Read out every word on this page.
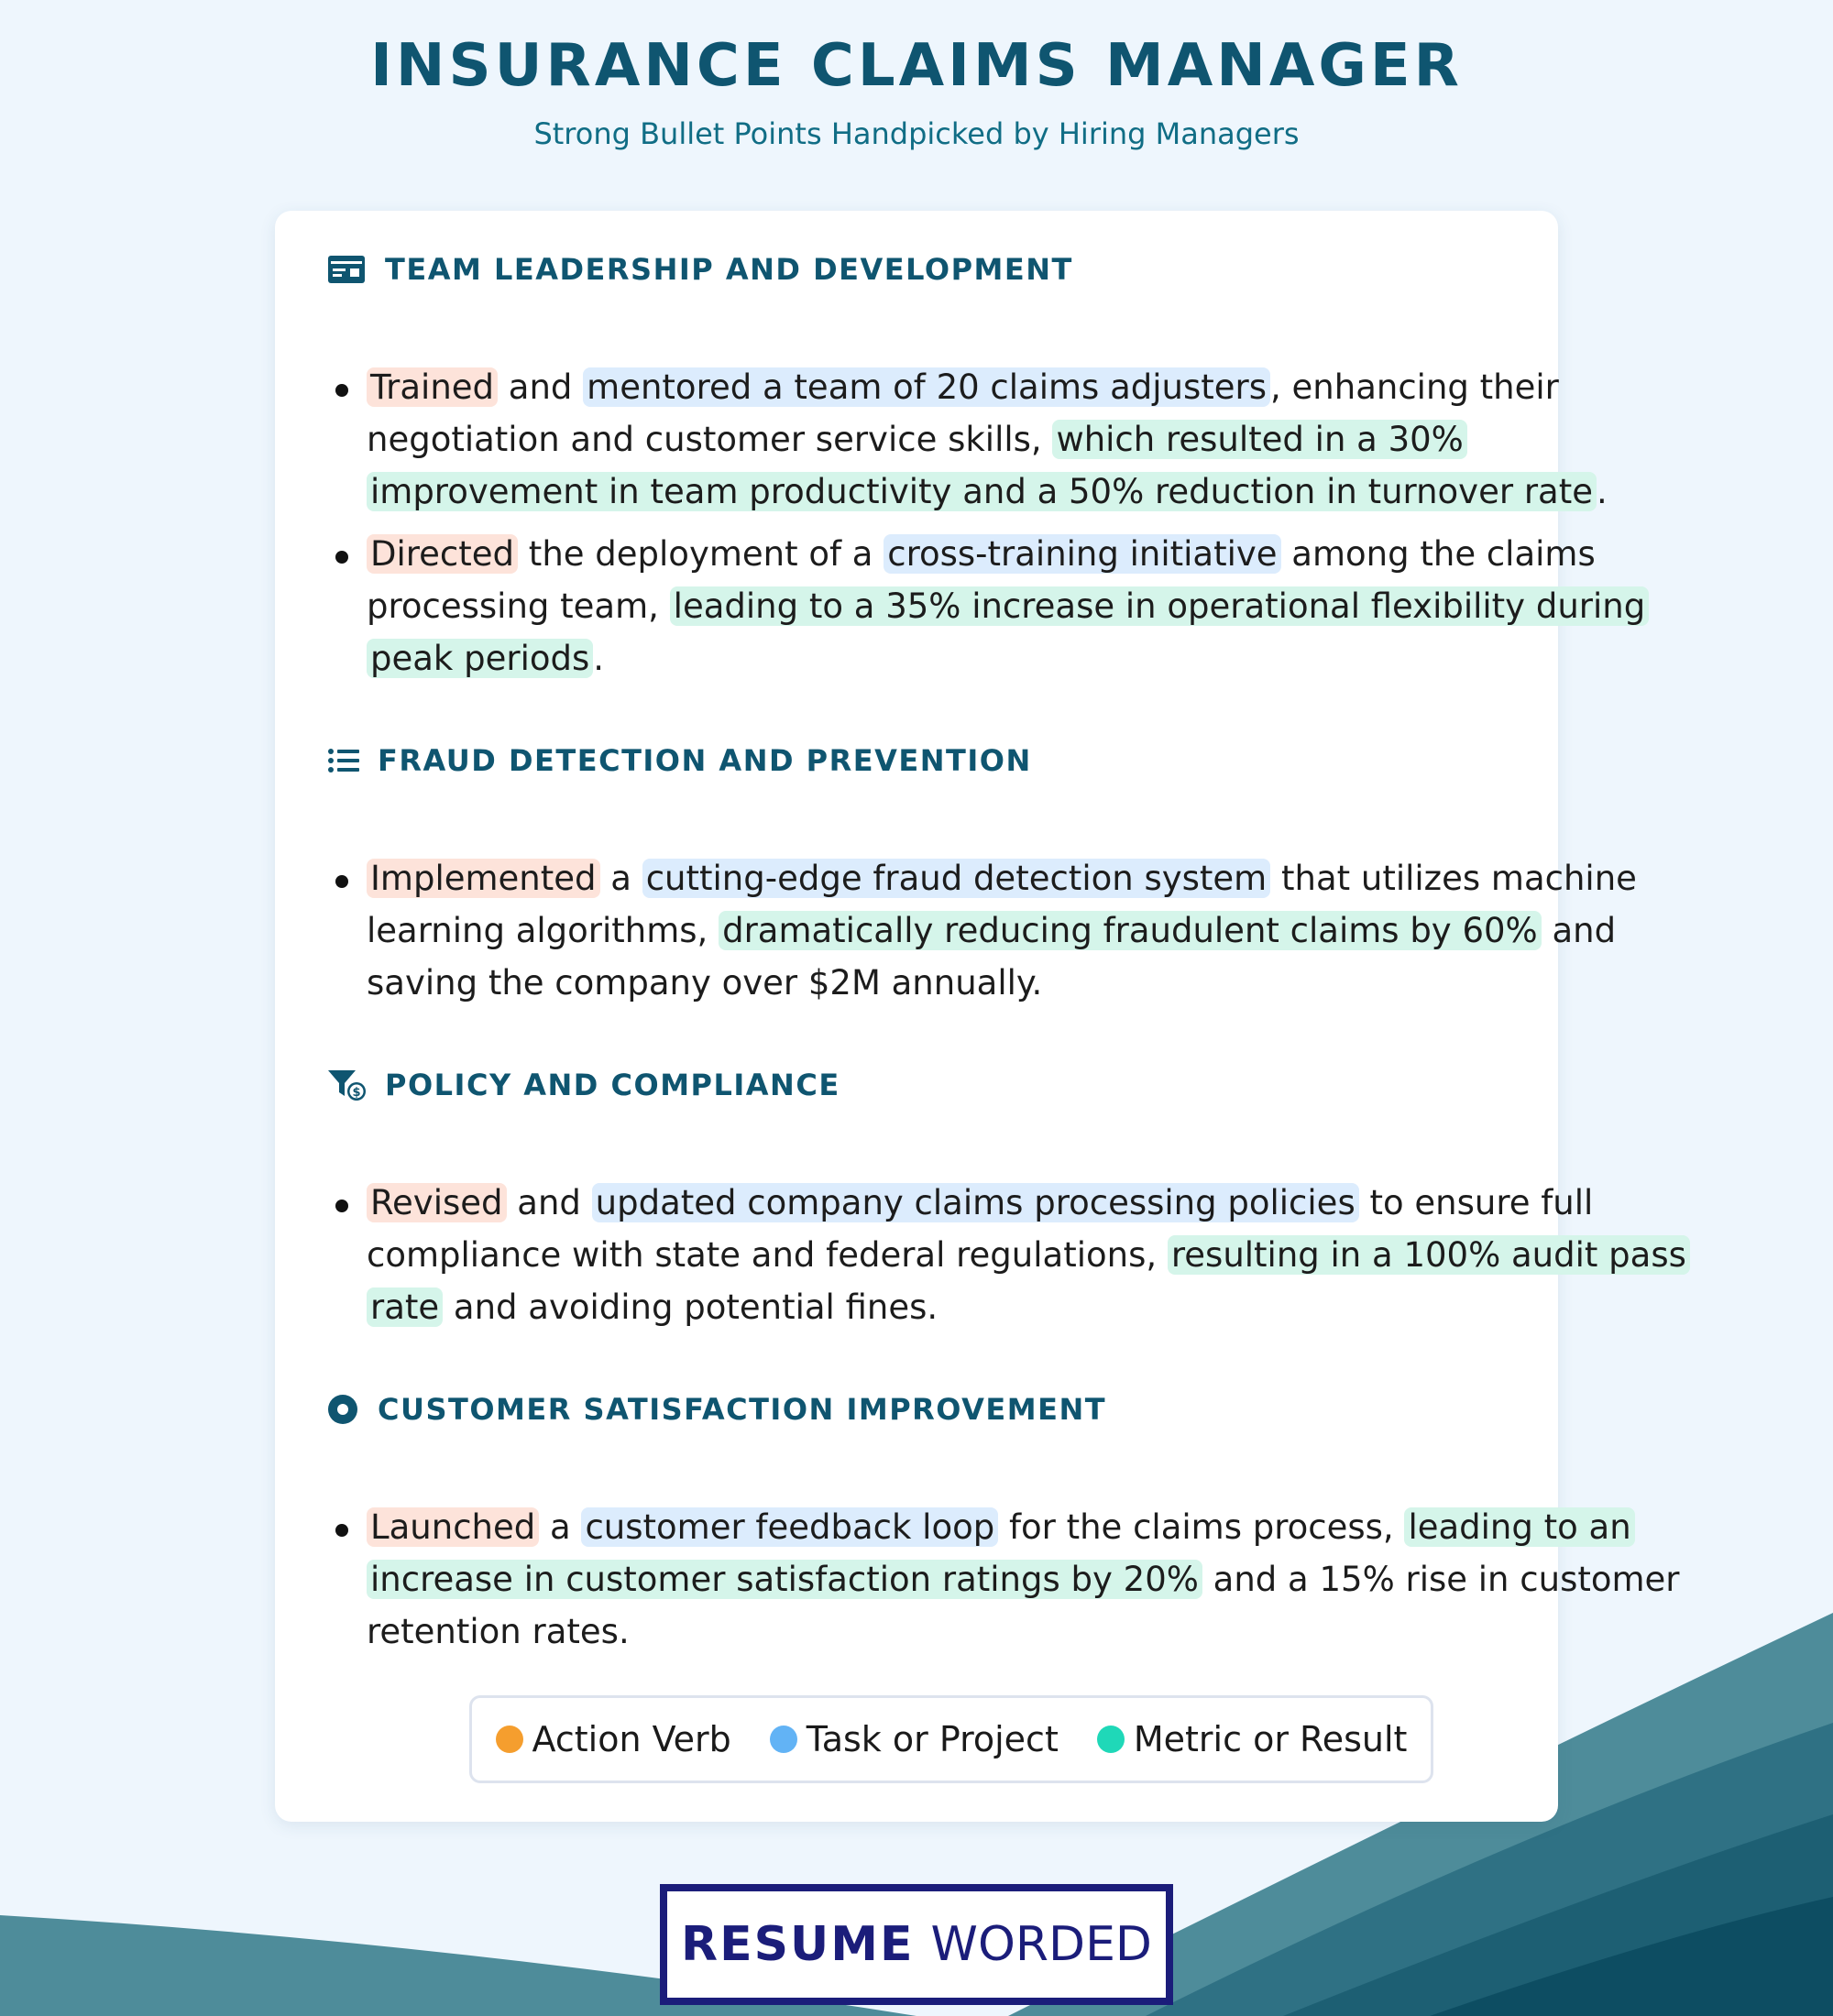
INSURANCE CLAIMS MANAGER
Strong Bullet Points Handpicked by Hiring Managers
TEAM LEADERSHIP AND DEVELOPMENT
Trained and mentored a team of 20 claims adjusters , enhancing their
negotiation and customer service skills, which resulted in a 30%
improvement in team productivity and a 50% reduction in turnover rate .
Directed the deployment of a cross-training initiative among the claims
processing team, leading to a 35% increase in operational flexibility during
peak periods .
FRAUD DETECTION AND PREVENTION
Implemented a cutting-edge fraud detection system that utilizes machine
learning algorithms, dramatically reducing fraudulent claims by 60% and
saving the company over $2M annually.
$ POLICY AND COMPLIANCE
Revised and updated company claims processing policies to ensure full
compliance with state and federal regulations, resulting in a 100% audit pass
rate and avoiding potential fines.
CUSTOMER SATISFACTION IMPROVEMENT
Launched a customer feedback loop for the claims process, leading to an
increase in customer satisfaction ratings by 20% and a 15% rise in customer
retention rates.
Action Verb Task or Project Metric or Result
RESUME WORDED
